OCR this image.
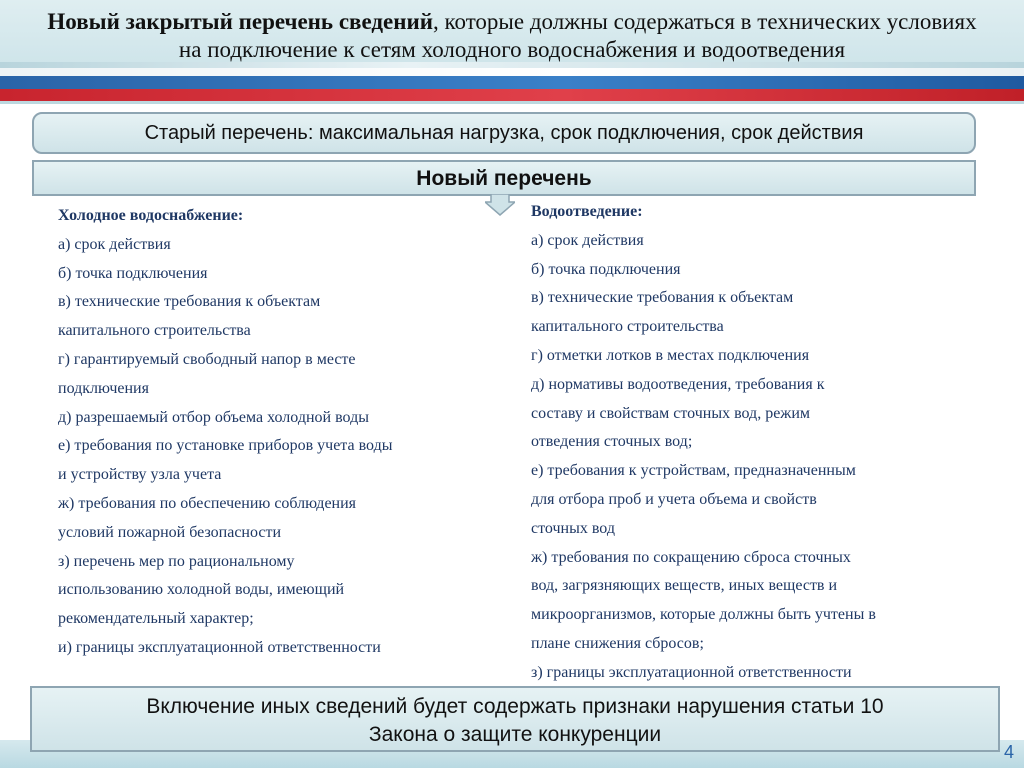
Новый закрытый перечень сведений, которые должны содержаться в технических условиях на подключение к сетям холодного водоснабжения и водоотведения
Старый перечень: максимальная нагрузка, срок подключения, срок действия
Новый перечень
Холодное водоснабжение:
а) срок действия
б) точка подключения
в) технические требования к объектам
капитального строительства
г) гарантируемый свободный напор в месте
подключения
д) разрешаемый отбор объема холодной воды
е) требования по установке приборов учета воды
и устройству узла учета
ж) требования по обеспечению соблюдения
условий пожарной безопасности
з) перечень мер по рациональному
использованию холодной воды, имеющий
рекомендательный характер;
и) границы эксплуатационной ответственности
Водоотведение:
а) срок действия
б) точка подключения
в) технические требования к объектам
капитального строительства
г) отметки лотков в местах подключения
д) нормативы водоотведения, требования к
составу и свойствам сточных вод, режим
отведения сточных вод;
е) требования к устройствам, предназначенным
для отбора проб и учета объема и свойств
сточных вод
ж) требования по сокращению сброса сточных
вод, загрязняющих веществ, иных веществ и
микроорганизмов, которые должны быть учтены в
плане снижения сбросов;
з) границы эксплуатационной ответственности
Включение иных сведений будет содержать признаки нарушения статьи 10
Закона о защите конкуренции
4
